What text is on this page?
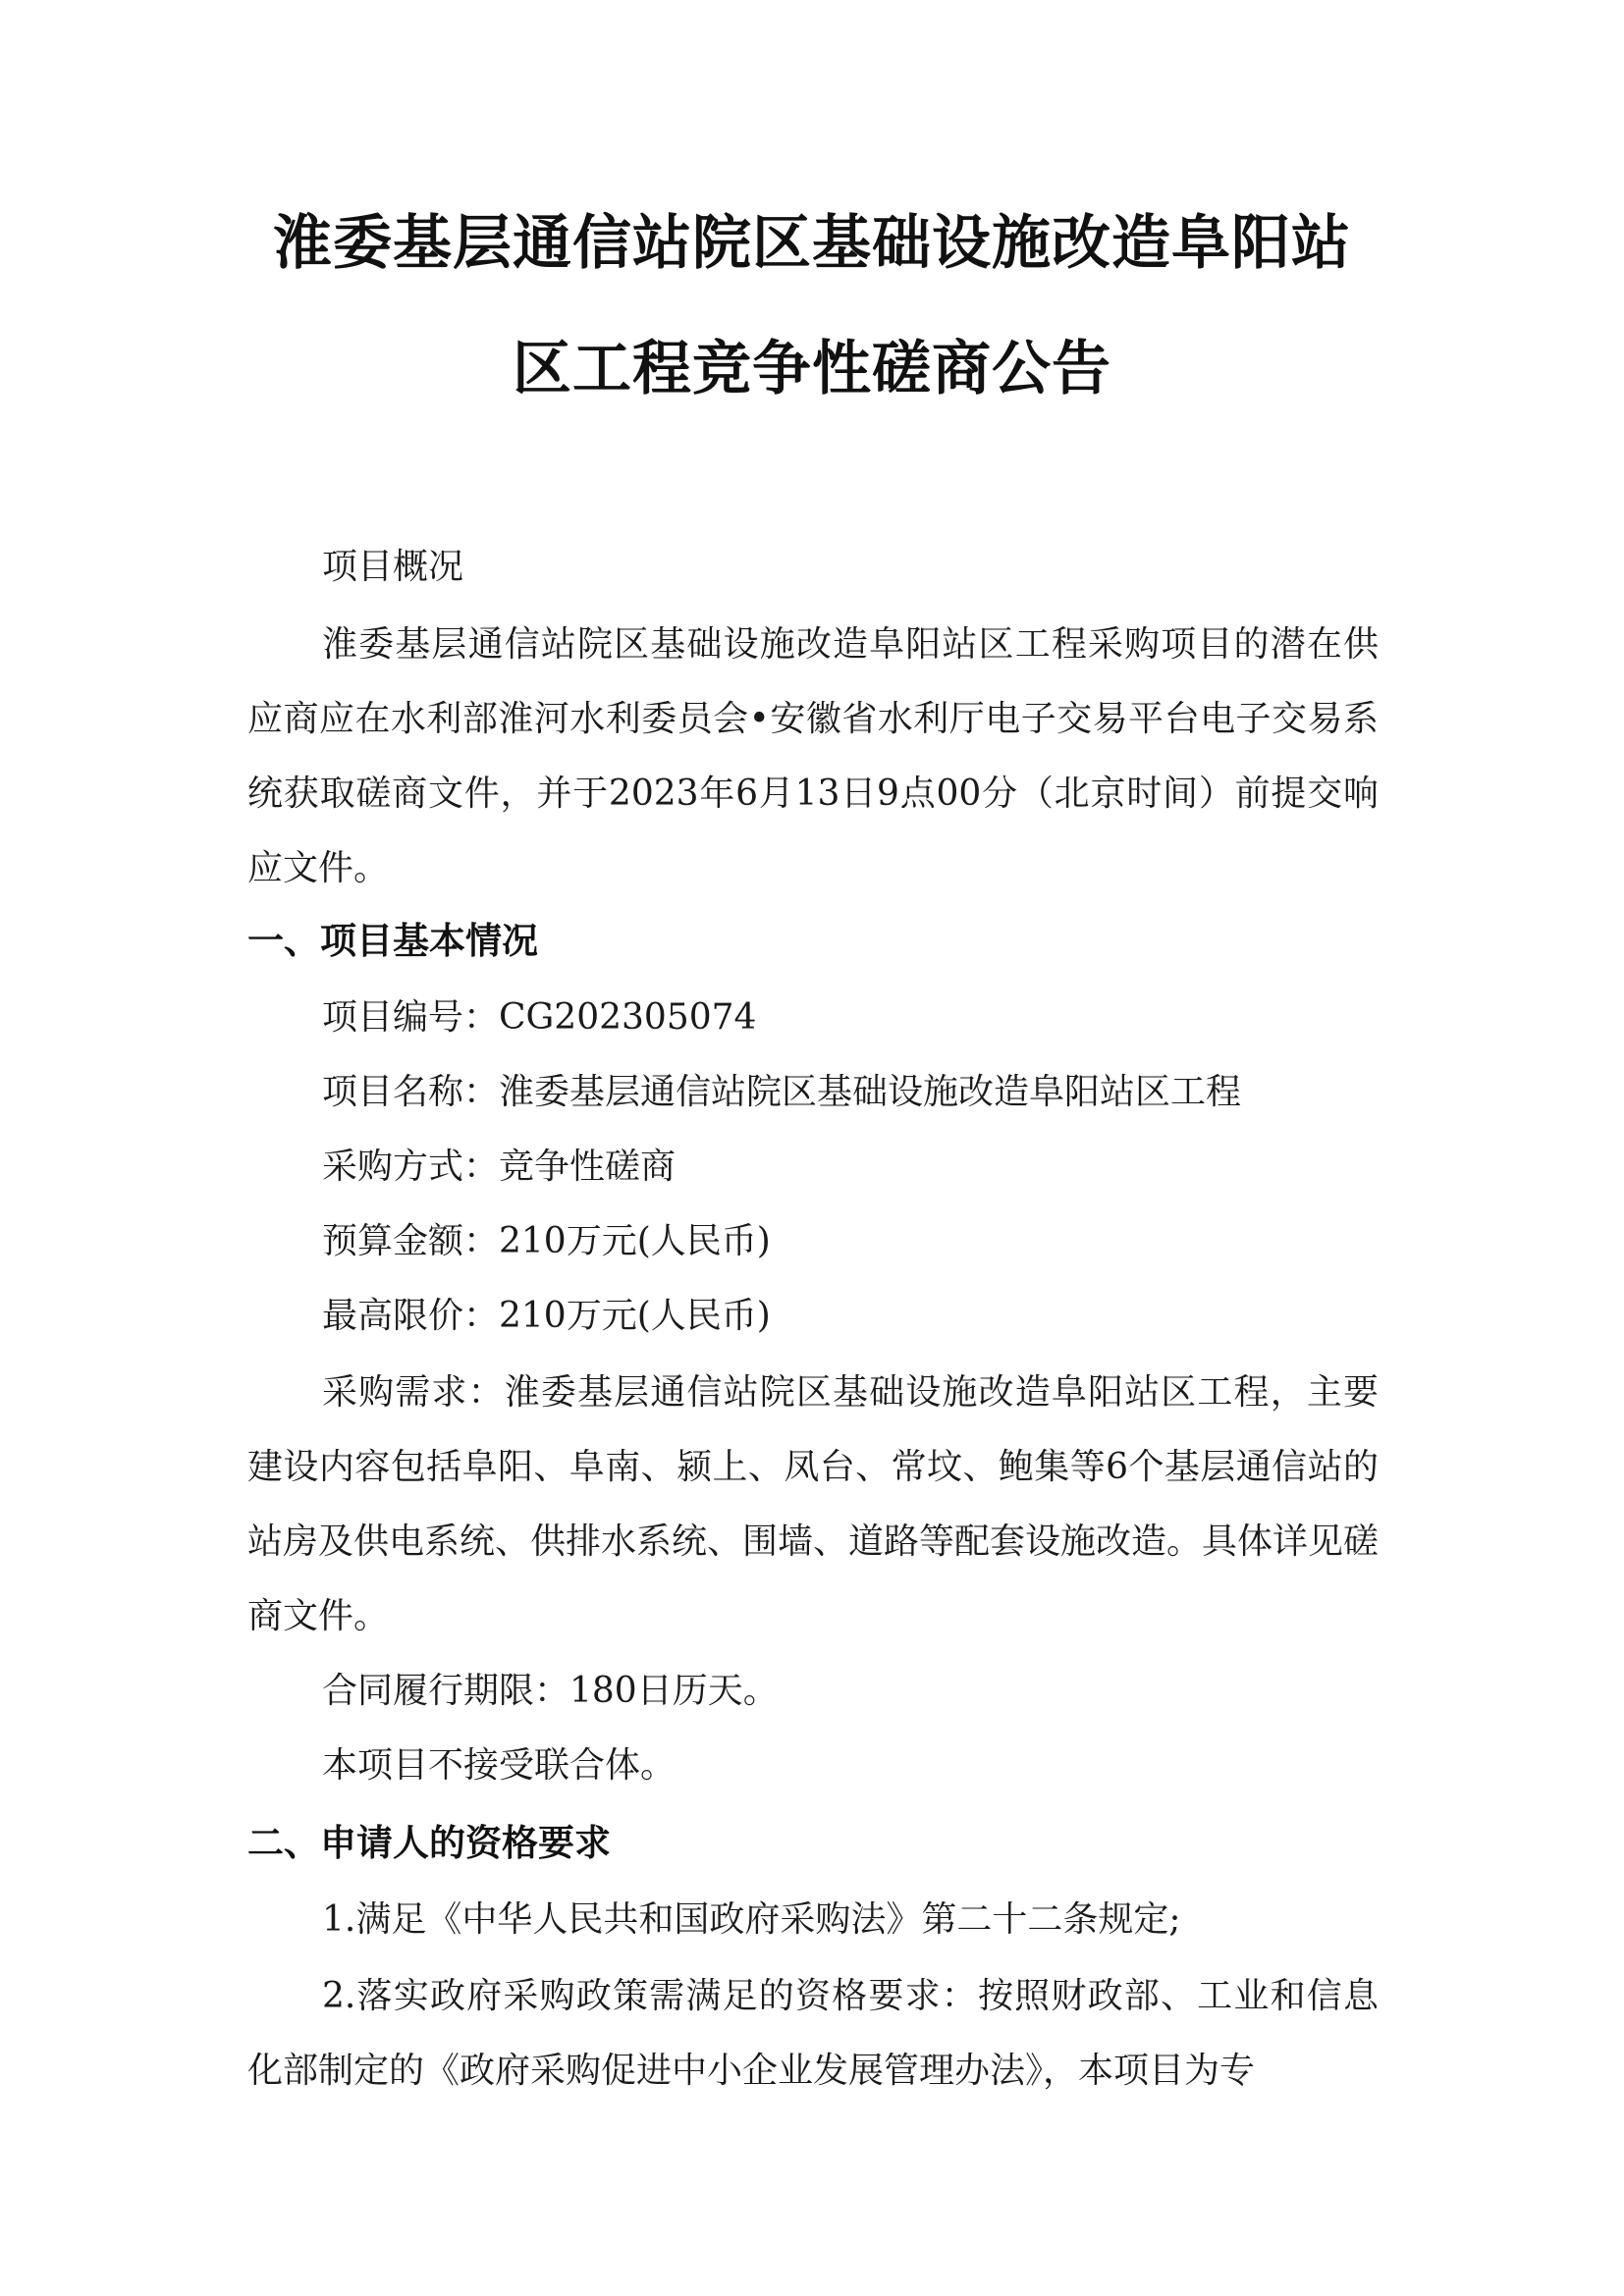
淮委基层通信站院区基础设施改造阜阳站
区工程竞争性磋商公告
项目概况
淮委基层通信站院区基础设施改造阜阳站区工程采购项目的潜在供应商应在水利部淮河水利委员会•安徽省水利厅电子交易平台电子交易系统获取磋商文件，并于2023年6月13日9点00分（北京时间）前提交响应文件。
一、项目基本情况
项目编号：CG202305074
项目名称：淮委基层通信站院区基础设施改造阜阳站区工程
采购方式：竞争性磋商
预算金额：210万元(人民币)
最高限价：210万元(人民币)
采购需求：淮委基层通信站院区基础设施改造阜阳站区工程，主要建设内容包括阜阳、阜南、颍上、凤台、常坟、鲍集等6个基层通信站的站房及供电系统、供排水系统、围墙、道路等配套设施改造。具体详见磋商文件。
合同履行期限：180日历天。
本项目不接受联合体。
二、申请人的资格要求
1.满足《中华人民共和国政府采购法》第二十二条规定;
2.落实政府采购政策需满足的资格要求：按照财政部、工业和信息化部制定的《政府采购促进中小企业发展管理办法》，本项目为专
